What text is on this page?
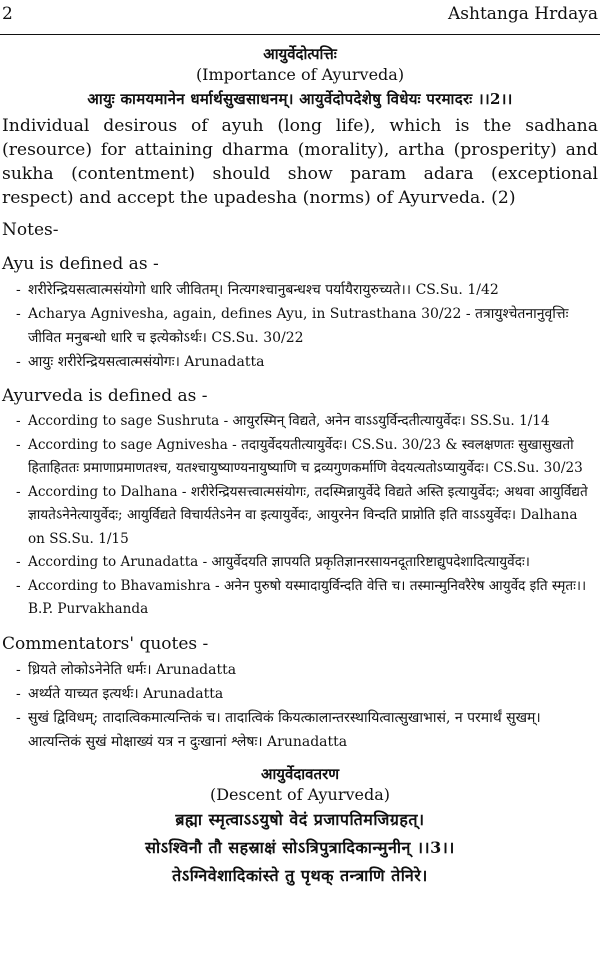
2	Ashtanga Hrdaya
आयुर्वेदोत्पत्तिः
(Importance of Ayurveda)
आयुः कामयमानेन धर्मार्थसुखसाधनम्। आयुर्वेदोपदेशेषु विधेयः परमादरः ।।2।।

Individual desirous of ayuh (long life), which is the sadhana (resource) for attaining dharma (morality), artha (prosperity) and sukha (contentment) should show param adara (exceptional respect) and accept the upadesha (norms) of Ayurveda. (2)

Notes-
Ayu is defined as -
- शरीरेन्द्रियसत्वात्मसंयोगो धारि जीवितम्। नित्यगश्चानुबन्धश्च पर्यायैरायुरुच्यते।। CS.Su. 1/42
- Acharya Agnivesha, again, defines Ayu, in Sutrasthana 30/22 - तत्रायुश्चेतनानुवृत्तिः जीवित मनुबन्धो धारि च इत्येकोऽर्थः। CS.Su. 30/22
- आयुः शरीरेन्द्रियसत्वात्मसंयोगः। Arunadatta
Ayurveda is defined as -
- According to sage Sushruta - आयुरस्मिन् विद्यते, अनेन वाऽऽयुर्विन्दतीत्यायुर्वेदः। SS.Su. 1/14
- According to sage Agnivesha - तदायुर्वेदयतीत्यायुर्वेदः। CS.Su. 30/23 & स्वलक्षणतः सुखासुखतो हिताहिततः प्रमाणाप्रमाणतश्च, यतश्चायुष्याण्यनायुष्याणि च द्रव्यगुणकर्माणि वेदयत्यतोऽप्यायुर्वेदः। CS.Su. 30/23
- According to Dalhana - शरीरेन्द्रियसत्त्वात्मसंयोगः, तदस्मिन्नायुर्वेदे विद्यते अस्ति इत्यायुर्वेदः; अथवा आयुर्विद्यते ज्ञायतेऽनेनेत्यायुर्वेदः; आयुर्विद्यते विचार्यतेऽनेन वा इत्यायुर्वेदः, आयुरनेन विन्दति प्राप्नोति इति वाऽऽयुर्वेदः। Dalhana on SS.Su. 1/15
- According to Arunadatta - आयुर्वेदयति ज्ञापयति प्रकृतिज्ञानरसायनदूतारिष्टाद्युपदेशादित्यायुर्वेदः।
- According to Bhavamishra - अनेन पुरुषो यस्मादायुर्विन्दति वेत्ति च। तस्मान्मुनिवरैरेष आयुर्वेद इति स्मृतः।। B.P. Purvakhanda
Commentators' quotes -
- ध्रियते लोकोऽनेनेति धर्मः। Arunadatta
- अर्थ्यते याच्यत इत्यर्थः। Arunadatta
- सुखं द्विविधम्; तादात्विकमात्यन्तिकं च। तादात्विकं कियत्कालान्तरस्थायित्वात्सुखाभासं, न परमार्थं सुखम्। आत्यन्तिकं सुखं मोक्षाख्यं यत्र न दुःखानां श्लेषः। Arunadatta
आयुर्वेदावतरण
(Descent of Ayurveda)
ब्रह्मा स्मृत्वाऽऽयुषो वेदं प्रजापतिमजिग्रहत्।
सोऽश्विनौ तौ सहस्राक्षं सोऽत्रिपुत्रादिकान्मुनीन् ।।3।।
तेऽग्निवेशादिकांस्ते तु पृथक् तन्त्राणि तेनिरे।
